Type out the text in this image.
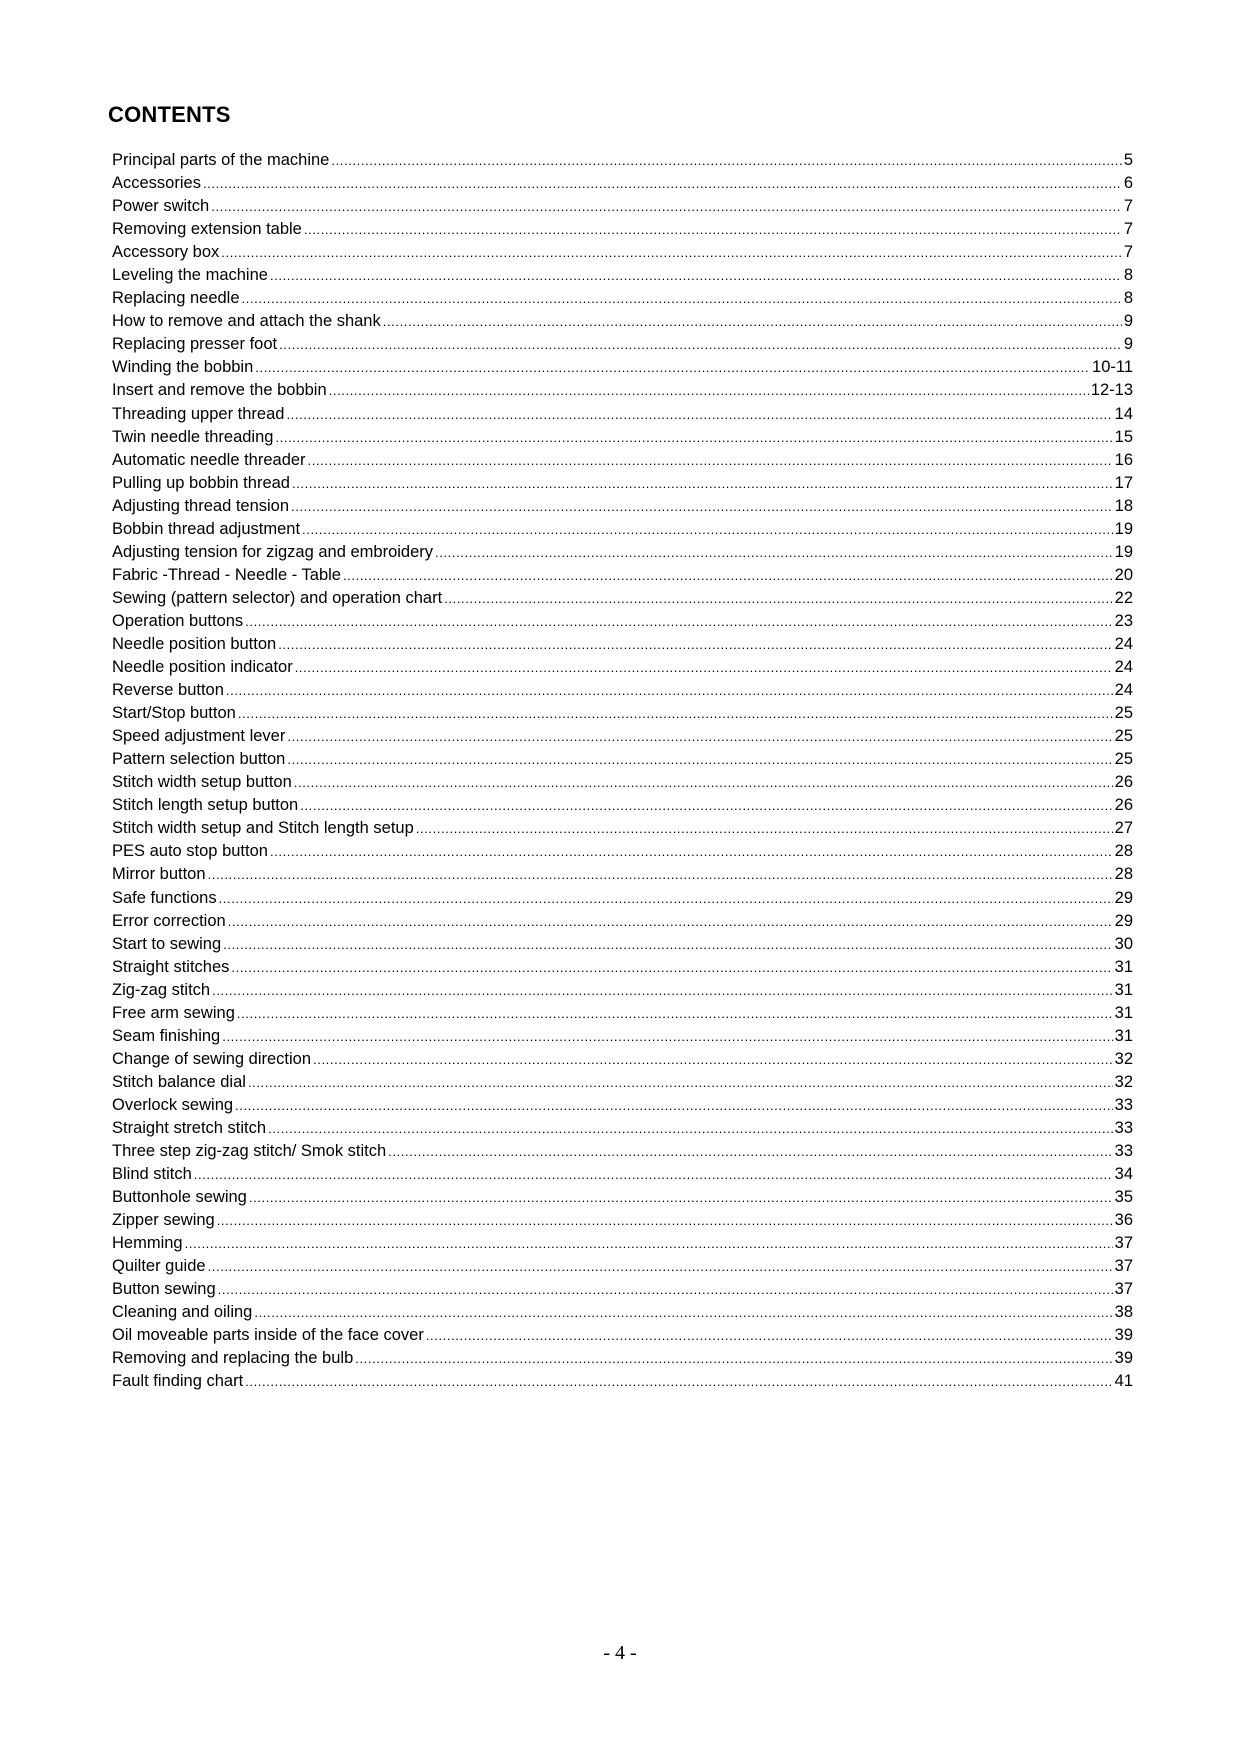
CONTENTS
Principal parts of the machine .....	5
Accessories .....	6
Power switch .....	7
Removing extension table .....	7
Accessory box .....	7
Leveling the machine .....	8
Replacing needle .....	8
How to remove and attach the shank .....	9
Replacing presser foot .....	9
Winding the bobbin .....	10-11
Insert and remove the bobbin .....	12-13
Threading upper thread .....	14
Twin needle threading .....	15
Automatic needle threader .....	16
Pulling up bobbin thread .....	17
Adjusting thread tension .....	18
Bobbin thread adjustment .....	19
Adjusting tension for zigzag and embroidery .....	19
Fabric -Thread - Needle - Table .....	20
Sewing (pattern selector) and operation chart .....	22
Operation buttons .....	23
Needle position button .....	24
Needle position indicator .....	24
Reverse button .....	24
Start/Stop button .....	25
Speed adjustment lever .....	25
Pattern selection button .....	25
Stitch width setup button .....	26
Stitch length setup button .....	26
Stitch width setup and Stitch length setup .....	27
PES auto stop button .....	28
Mirror button .....	28
Safe functions .....	29
Error correction .....	29
Start to sewing .....	30
Straight stitches .....	31
Zig-zag stitch .....	31
Free arm sewing .....	31
Seam finishing .....	31
Change of sewing direction .....	32
Stitch balance dial .....	32
Overlock sewing .....	33
Straight stretch stitch .....	33
Three step zig-zag stitch/ Smok stitch .....	33
Blind stitch .....	34
Buttonhole sewing .....	35
Zipper sewing .....	36
Hemming .....	37
Quilter guide .....	37
Button sewing .....	37
Cleaning and oiling .....	38
Oil moveable parts inside of the face cover .....	39
Removing and replacing the bulb .....	39
Fault finding chart .....	41
- 4 -
